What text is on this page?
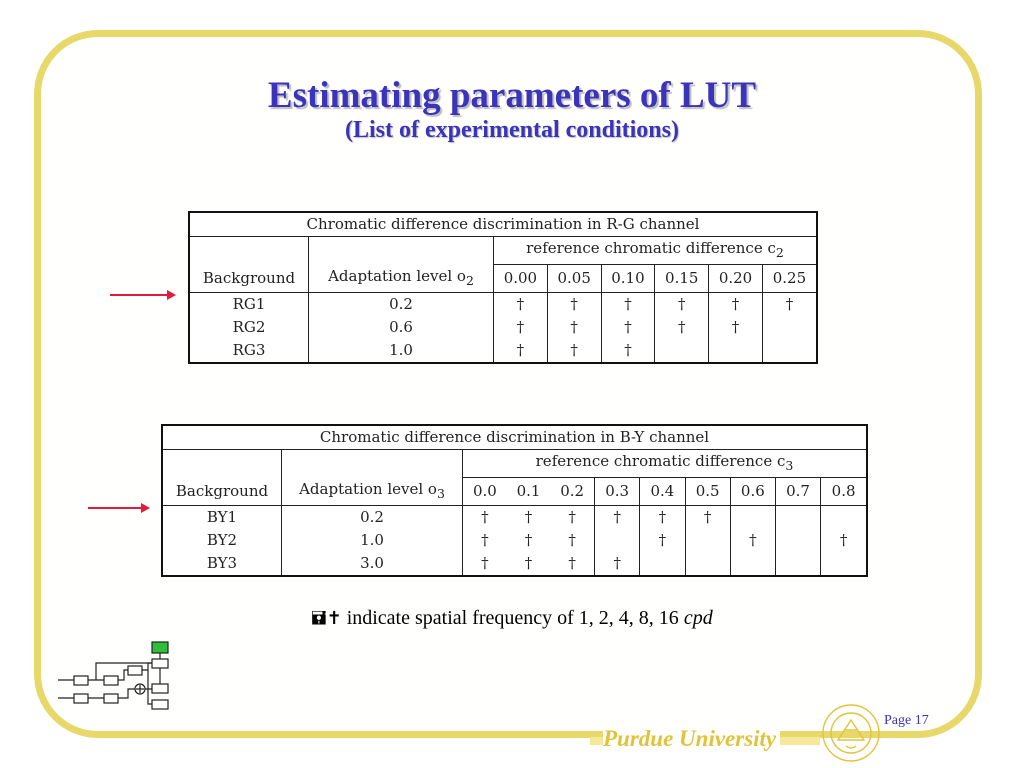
Estimating parameters of LUT
(List of experimental conditions)
Chromatic difference discrimination in R-G channel							
		reference chromatic difference $c_2$
Background	Adaptation level $o_2$	0.00	0.05	0.10	0.15	0.20	0.25
RG1	0.2	†	†	†	†	†	†
RG2	0.6	†	†	†	†	†	
RG3	1.0	†	†	†			
Chromatic difference discrimination in B-Y channel										
		reference chromatic difference $c_3$
Background	Adaptation level $o_3$	0.0	0.1	0.2	0.3	0.4	0.5	0.6	0.7	0.8
BY1	0.2	†	†	†	†	†	†			
BY2	1.0	†	†	†		†		†		†
BY3	3.0	†	†	†	†					
🖬✝ indicate spatial frequency of 1, 2, 4, 8, 16 cpd
Purdue University
Page 17
